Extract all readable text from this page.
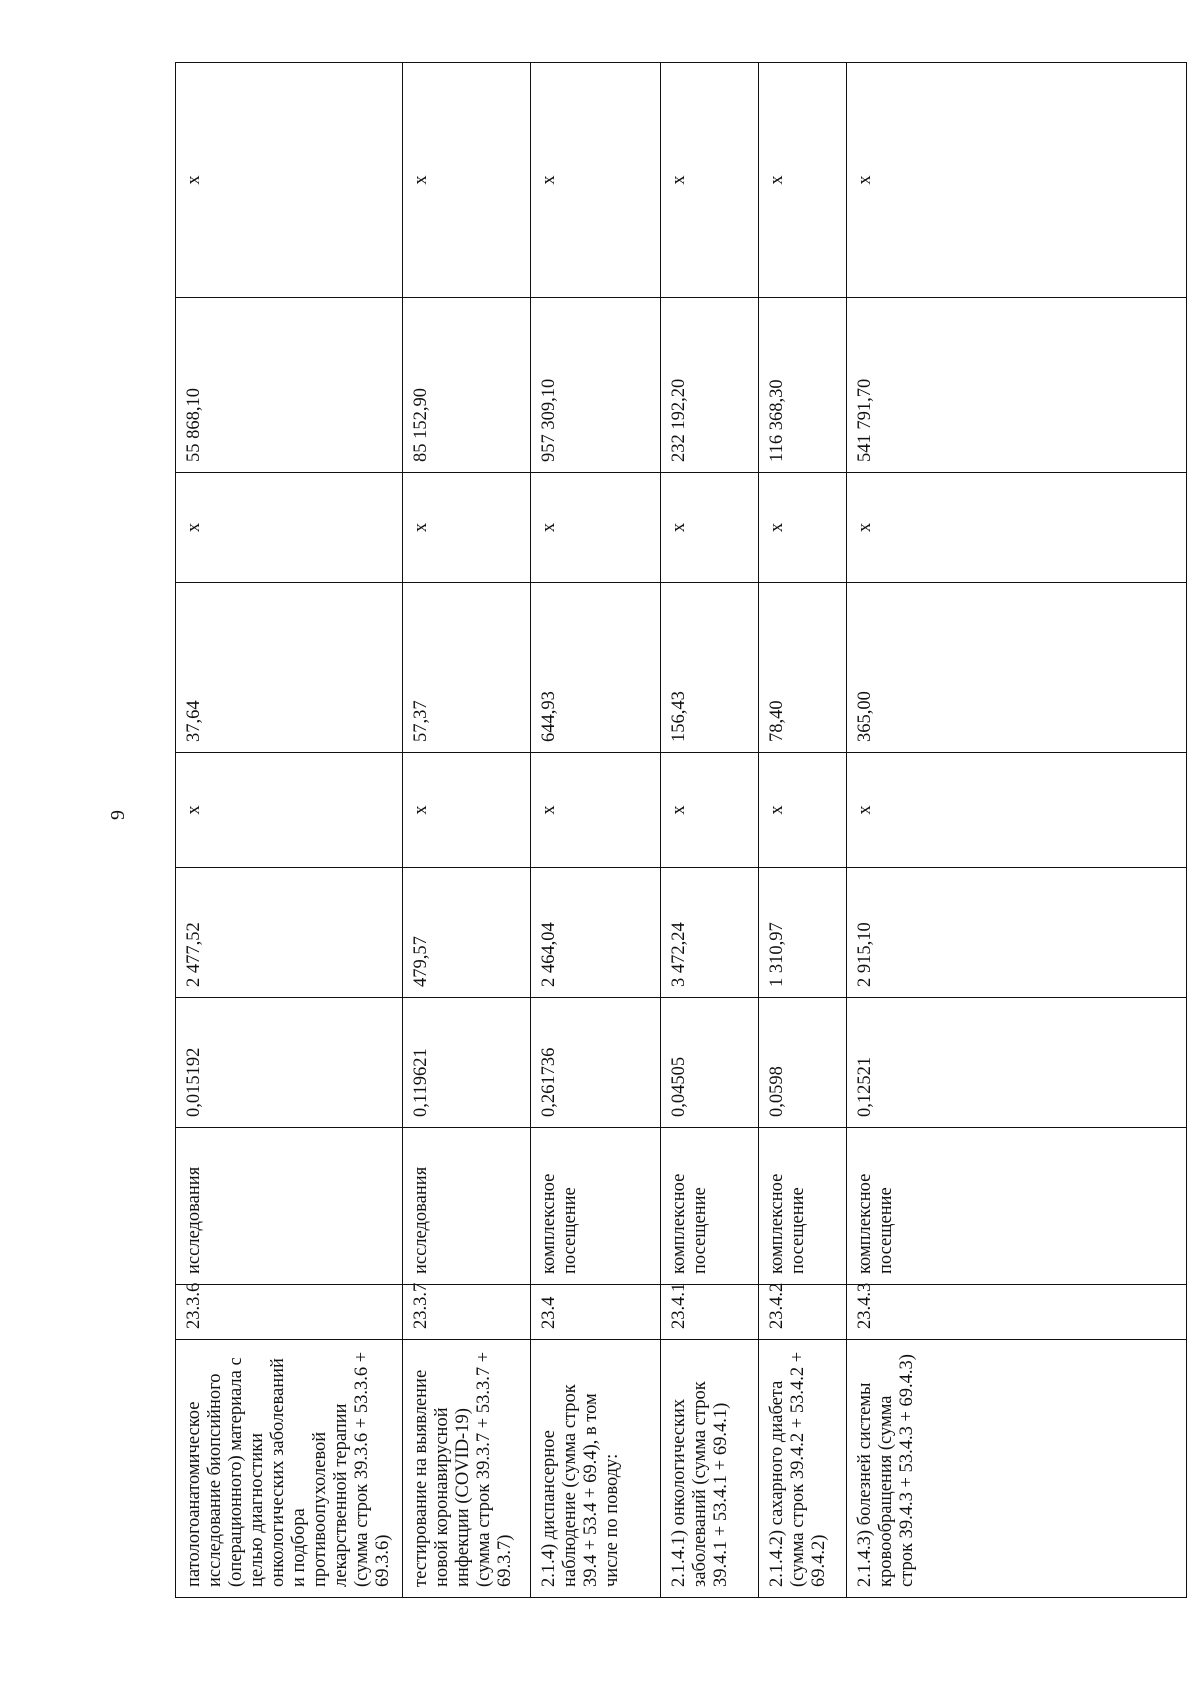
9
патологоанатомическое исследование биопсийного (операционного) материала с целью диагностики онкологических заболеваний и подбора противоопухолевой лекарственной терапии (сумма строк 39.3.6 + 53.3.6 + 69.3.6)	23.3.6	исследования	0,015192	2 477,52	x	37,64	x	55 868,10	x
тестирование на выявление новой коронавирусной инфекции (COVID-19) (сумма строк 39.3.7 + 53.3.7 + 69.3.7)	23.3.7	исследования	0,119621	479,57	x	57,37	x	85 152,90	x
2.1.4) диспансерное наблюдение (сумма строк 39.4 + 53.4 + 69.4), в том числе по поводу:	23.4	комплексное посещение	0,261736	2 464,04	x	644,93	x	957 309,10	x
2.1.4.1) онкологических заболеваний (сумма строк 39.4.1 + 53.4.1 + 69.4.1)	23.4.1	комплексное посещение	0,04505	3 472,24	x	156,43	x	232 192,20	x
2.1.4.2) сахарного диабета (сумма строк 39.4.2 + 53.4.2 + 69.4.2)	23.4.2	комплексное посещение	0,0598	1 310,97	x	78,40	x	116 368,30	x
2.1.4.3) болезней системы кровообращения (сумма строк 39.4.3 + 53.4.3 + 69.4.3)	23.4.3	комплексное посещение	0,12521	2 915,10	x	365,00	x	541 791,70	x
